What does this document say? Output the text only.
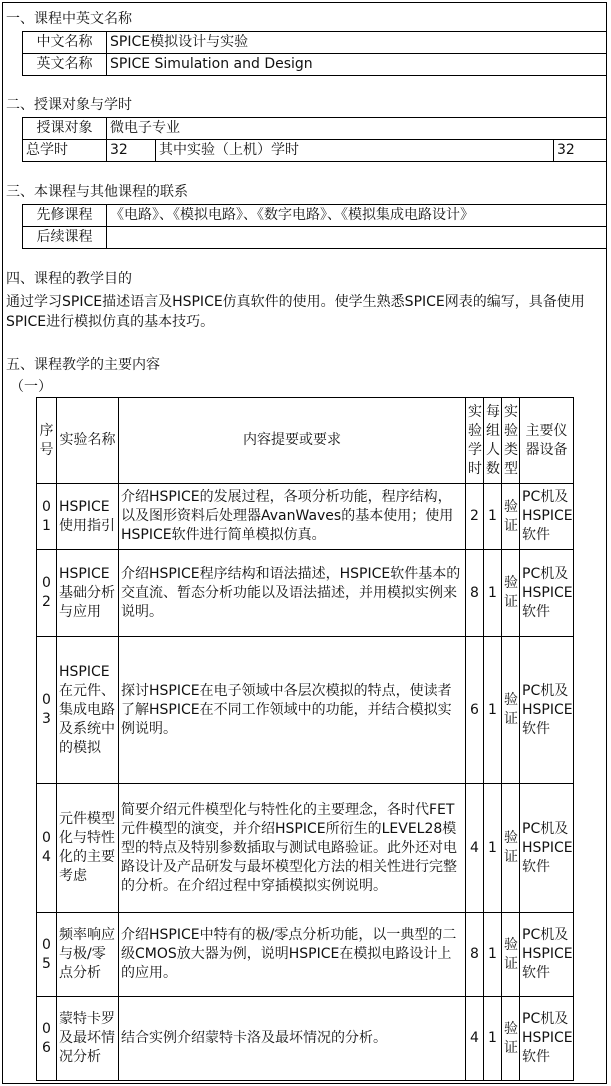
一、课程中英文名称
中文名称	SPICE模拟设计与实验
英文名称	SPICE Simulation and Design
二、授课对象与学时
授课对象	微电子专业		
总学时	32	其中实验（上机）学时	32
三、本课程与其他课程的联系
先修课程	《电路》、《模拟电路》、《数字电路》、《模拟集成电路设计》
后续课程	
四、课程的教学目的
通过学习SPICE描述语言及HSPICE仿真软件的使用。使学生熟悉SPICE网表的编写，具备使用SPICE进行模拟仿真的基本技巧。
五、课程教学的主要内容
（一）
序号	实验名称	内容提要或要求	实验学时	每组人数	实验类型	主要仪器设备
01	HSPICE使用指引	介绍HSPICE的发展过程，各项分析功能，程序结构，以及图形资料后处理器AvanWaves的基本使用；使用HSPICE软件进行简单模拟仿真。	2	1	验证	PC机及HSPICE软件
02	HSPICE基础分析与应用	介绍HSPICE程序结构和语法描述，HSPICE软件基本的交直流、暂态分析功能以及语法描述，并用模拟实例来说明。	8	1	验证	PC机及HSPICE软件
03	HSPICE在元件、集成电路及系统中的模拟	探讨HSPICE在电子领域中各层次模拟的特点，使读者了解HSPICE在不同工作领域中的功能，并结合模拟实例说明。	6	1	验证	PC机及HSPICE软件
04	元件模型化与特性化的主要考虑	简要介绍元件模型化与特性化的主要理念，各时代FET元件模型的演变，并介绍HSPICE所衍生的LEVEL28模型的特点及特别参数插取与测试电路验证。此外还对电路设计及产品研发与最坏模型化方法的相关性进行完整的分析。在介绍过程中穿插模拟实例说明。	4	1	验证	PC机及HSPICE软件
05	频率响应与极/零点分析	介绍HSPICE中特有的极/零点分析功能，以一典型的二级CMOS放大器为例，说明HSPICE在模拟电路设计上的应用。	8	1	验证	PC机及HSPICE软件
06	蒙特卡罗及最坏情况分析	结合实例介绍蒙特卡洛及最坏情况的分析。	4	1	验证	PC机及HSPICE软件
